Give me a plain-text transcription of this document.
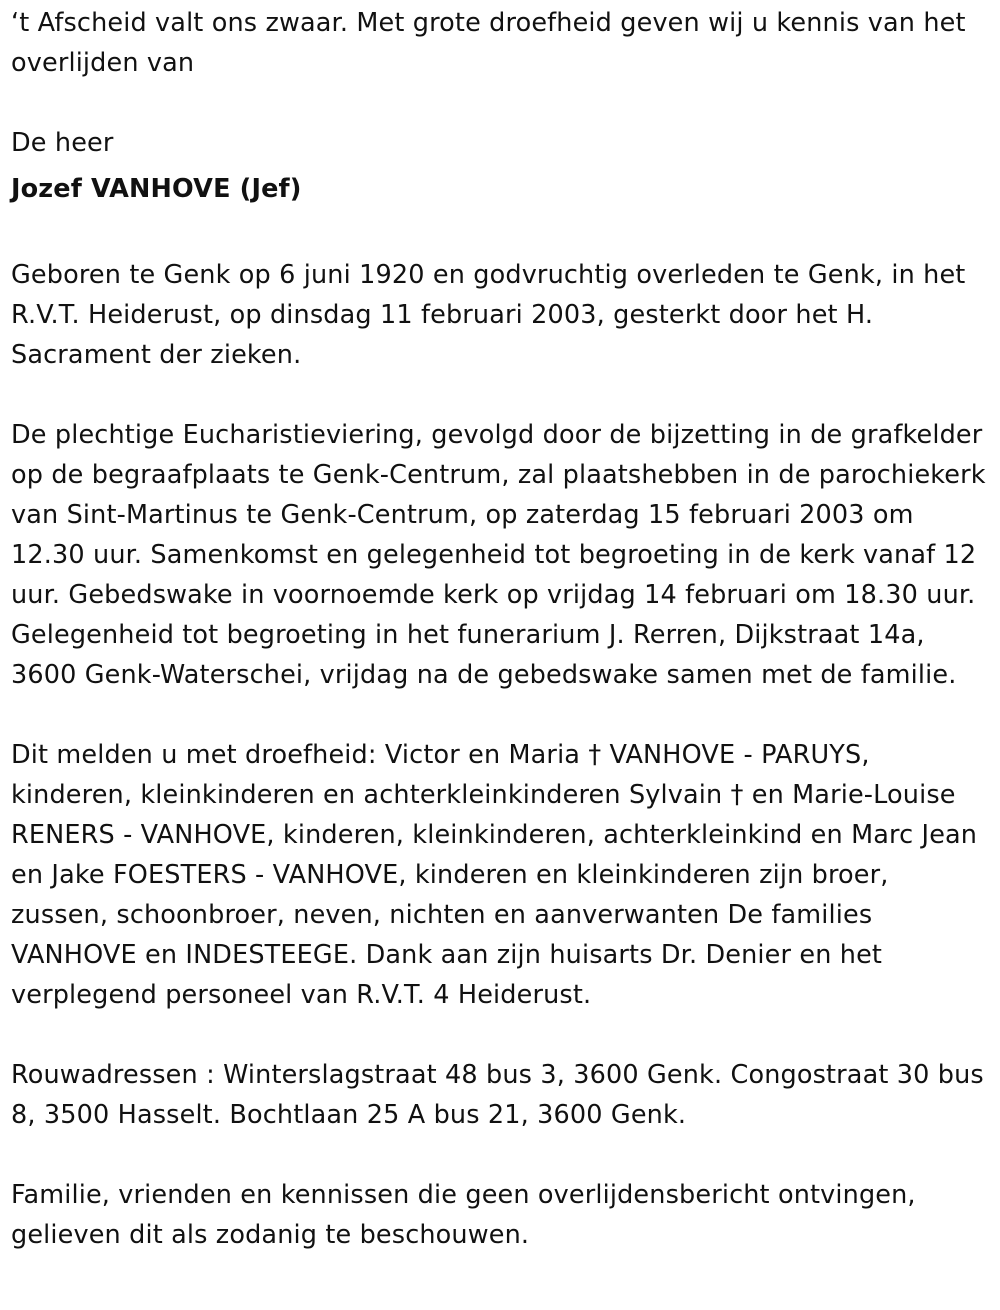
‘t Afscheid valt ons zwaar. Met grote droefheid geven wij u kennis van het overlijden van

De heer

Jozef VANHOVE (Jef)

Geboren te Genk op 6 juni 1920 en godvruchtig overleden te Genk, in het R.V.T. Heiderust, op dinsdag 11 februari 2003, gesterkt door het H. Sacrament der zieken.

De plechtige Eucharistieviering, gevolgd door de bijzetting in de grafkelder op de begraafplaats te Genk-Centrum, zal plaatshebben in de parochiekerk van Sint-Martinus te Genk-Centrum, op zaterdag 15 februari 2003 om 12.30 uur. Samenkomst en gelegenheid tot begroeting in de kerk vanaf 12 uur. Gebedswake in voornoemde kerk op vrijdag 14 februari om 18.30 uur. Gelegenheid tot begroeting in het funerarium J. Rerren, Dijkstraat 14a, 3600 Genk-Waterschei, vrijdag na de gebedswake samen met de familie.

Dit melden u met droefheid: Victor en Maria † VANHOVE - PARUYS, kinderen, kleinkinderen en achterkleinkinderen Sylvain † en Marie-Louise RENERS - VANHOVE, kinderen, kleinkinderen, achterkleinkind en Marc Jean en Jake FOESTERS - VANHOVE, kinderen en kleinkinderen zijn broer, zussen, schoonbroer, neven, nichten en aanverwanten De families VANHOVE en INDESTEEGE. Dank aan zijn huisarts Dr. Denier en het verplegend personeel van R.V.T. 4 Heiderust.

Rouwadressen : Winterslagstraat 48 bus 3, 3600 Genk. Congostraat 30 bus 8, 3500 Hasselt. Bochtlaan 25 A bus 21, 3600 Genk.

Familie, vrienden en kennissen die geen overlijdensbericht ontvingen, gelieven dit als zodanig te beschouwen.
